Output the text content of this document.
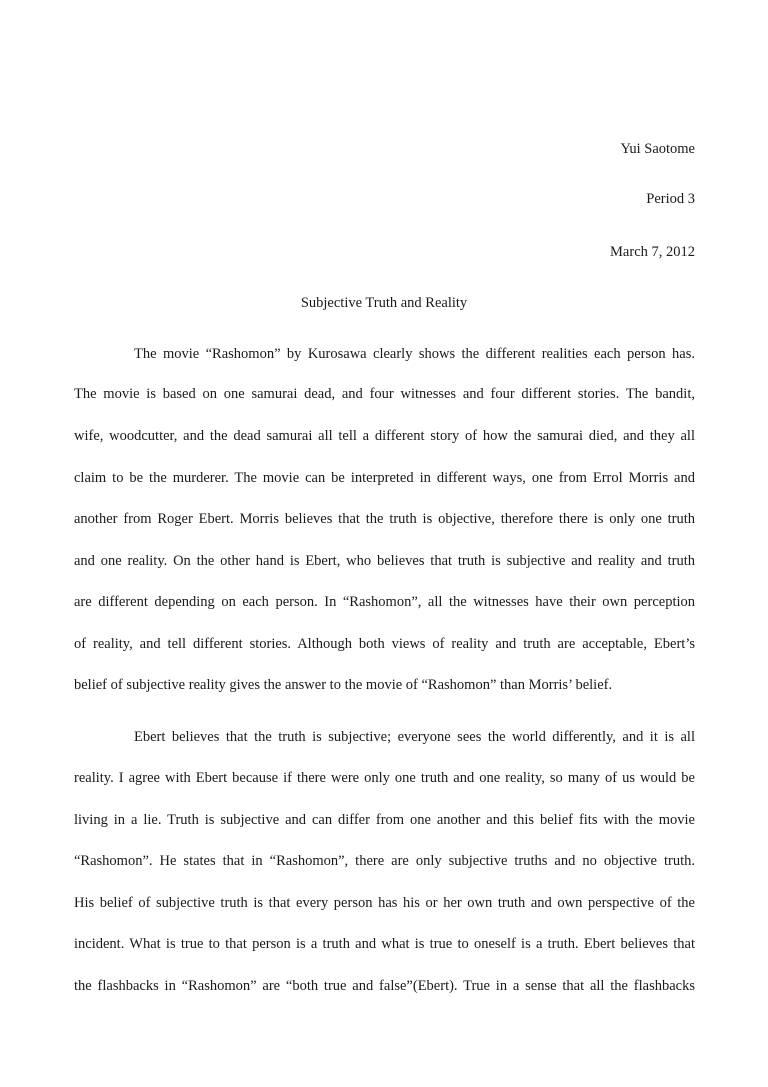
Yui Saotome
Period 3
March 7, 2012
Subjective Truth and Reality
The movie “Rashomon” by Kurosawa clearly shows the different realities each person has.
The movie is based on one samurai dead, and four witnesses and four different stories. The bandit,
wife, woodcutter, and the dead samurai all tell a different story of how the samurai died, and they all
claim to be the murderer. The movie can be interpreted in different ways, one from Errol Morris and
another from Roger Ebert. Morris believes that the truth is objective, therefore there is only one truth
and one reality. On the other hand is Ebert, who believes that truth is subjective and reality and truth
are different depending on each person. In “Rashomon”, all the witnesses have their own perception
of reality, and tell different stories. Although both views of reality and truth are acceptable, Ebert’s
belief of subjective reality gives the answer to the movie of “Rashomon” than Morris’ belief.
Ebert believes that the truth is subjective; everyone sees the world differently, and it is all
reality. I agree with Ebert because if there were only one truth and one reality, so many of us would be
living in a lie. Truth is subjective and can differ from one another and this belief fits with the movie
“Rashomon”. He states that in “Rashomon”, there are only subjective truths and no objective truth.
His belief of subjective truth is that every person has his or her own truth and own perspective of the
incident. What is true to that person is a truth and what is true to oneself is a truth. Ebert believes that
the flashbacks in “Rashomon” are “both true and false”(Ebert). True in a sense that all the flashbacks
